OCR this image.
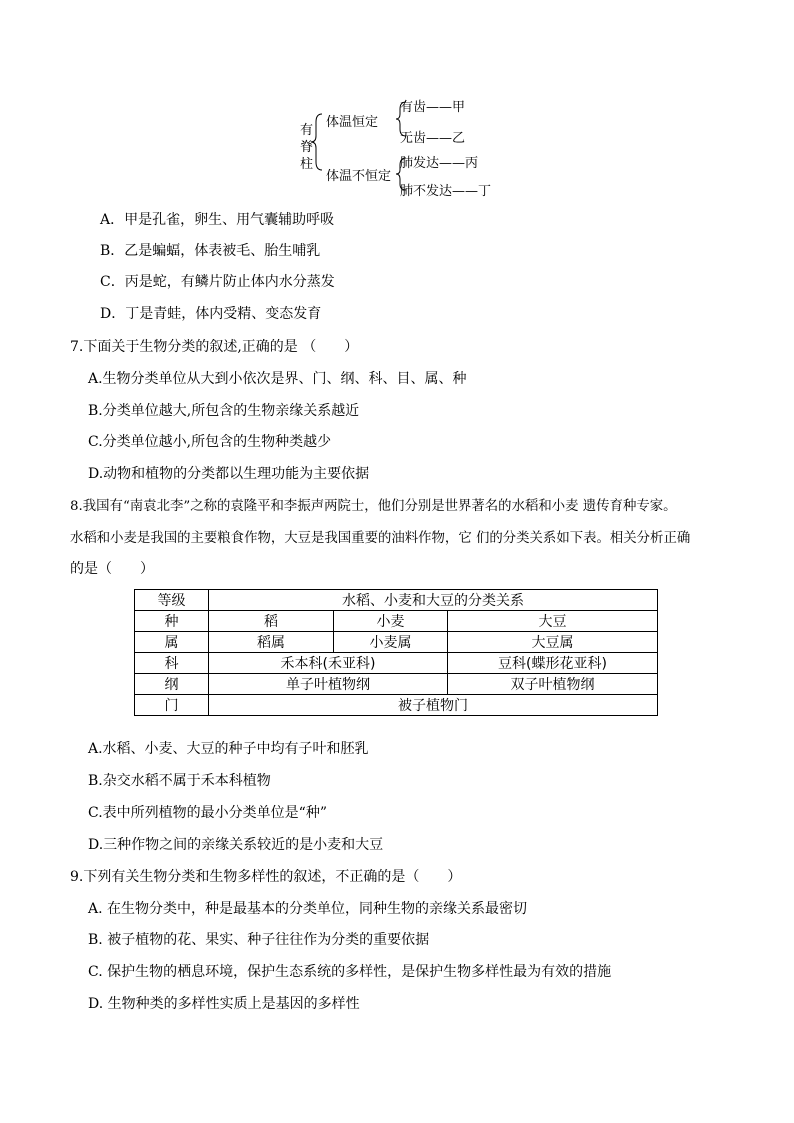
有
脊
柱
体温恒定
体温不恒定
有齿——甲
无齿——乙
肺发达——丙
肺不发达——丁
A．甲是孔雀，卵生、用气囊辅助呼吸
B．乙是蝙蝠，体表被毛、胎生哺乳
C．丙是蛇，有鳞片防止体内水分蒸发
D．丁是青蛙，体内受精、变态发育
7.下面关于生物分类的叙述,正确的是 （　　）
A.生物分类单位从大到小依次是界、门、纲、科、目、属、种
B.分类单位越大,所包含的生物亲缘关系越近
C.分类单位越小,所包含的生物种类越少
D.动物和植物的分类都以生理功能为主要依据
8.我国有“南袁北李”之称的袁隆平和李振声两院士，他们分别是世界著名的水稻和小麦 遗传育种专家。
水稻和小麦是我国的主要粮食作物，大豆是我国重要的油料作物，它 们的分类关系如下表。相关分析正确
的是（　　）
等级	水稻、小麦和大豆的分类关系		
种	稻	小麦	大豆
属	稻属	小麦属	大豆属
科	禾本科(禾亚科)		豆科(蝶形花亚科)
纲	单子叶植物纲		双子叶植物纲
门	被子植物门		
A.水稻、小麦、大豆的种子中均有子叶和胚乳
B.杂交水稻不属于禾本科植物
C.表中所列植物的最小分类单位是“种”
D.三种作物之间的亲缘关系较近的是小麦和大豆
9.下列有关生物分类和生物多样性的叙述，不正确的是（　　）
A. 在生物分类中，种是最基本的分类单位，同种生物的亲缘关系最密切
B. 被子植物的花、果实、种子往往作为分类的重要依据
C. 保护生物的栖息环境，保护生态系统的多样性，是保护生物多样性最为有效的措施
D. 生物种类的多样性实质上是基因的多样性
